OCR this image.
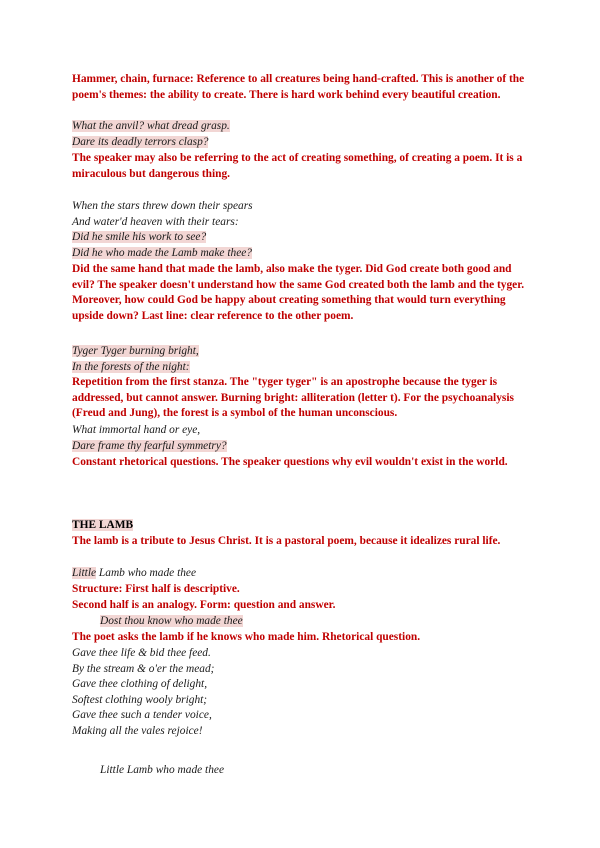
Hammer, chain, furnace: Reference to all creatures being hand-crafted. This is another of the poem's themes: the ability to create. There is hard work behind every beautiful creation.
What the anvil? what dread grasp.
Dare its deadly terrors clasp?
The speaker may also be referring to the act of creating something, of creating a poem. It is a miraculous but dangerous thing.
When the stars threw down their spears
And water'd heaven with their tears:
Did he smile his work to see?
Did he who made the Lamb make thee?
Did the same hand that made the lamb, also make the tyger. Did God create both good and evil? The speaker doesn't understand how the same God created both the lamb and the tyger. Moreover, how could God be happy about creating something that would turn everything upside down? Last line: clear reference to the other poem.
Tyger Tyger burning bright,
In the forests of the night:
Repetition from the first stanza. The "tyger tyger" is an apostrophe because the tyger is addressed, but cannot answer. Burning bright: alliteration (letter t). For the psychoanalysis (Freud and Jung), the forest is a symbol of the human unconscious.
What immortal hand or eye,
Dare frame thy fearful symmetry?
Constant rhetorical questions. The speaker questions why evil wouldn't exist in the world.
THE LAMB
The lamb is a tribute to Jesus Christ. It is a pastoral poem, because it idealizes rural life.
Little Lamb who made thee
Structure: First half is descriptive.
Second half is an analogy. Form: question and answer.
Dost thou know who made thee
The poet asks the lamb if he knows who made him. Rhetorical question.
Gave thee life & bid thee feed.
By the stream & o'er the mead;
Gave thee clothing of delight,
Softest clothing wooly bright;
Gave thee such a tender voice,
Making all the vales rejoice!
Little Lamb who made thee
